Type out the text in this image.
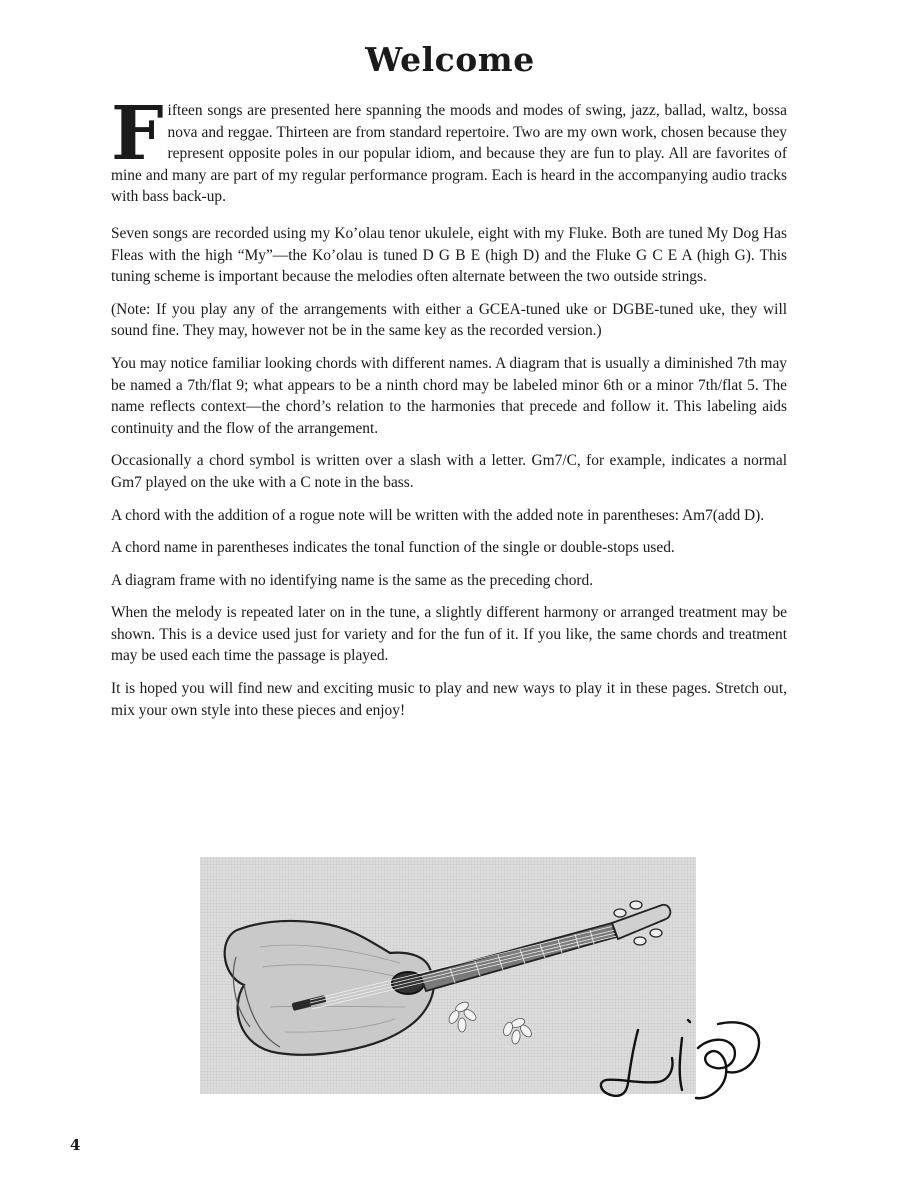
Welcome

Fifteen songs are presented here spanning the moods and modes of swing, jazz, ballad, waltz, bossa nova and reggae. Thirteen are from standard repertoire. Two are my own work, chosen because they represent opposite poles in our popular idiom, and because they are fun to play. All are favorites of mine and many are part of my regular performance program. Each is heard in the accompanying audio tracks with bass back-up.

Seven songs are recorded using my Ko’olau tenor ukulele, eight with my Fluke. Both are tuned My Dog Has Fleas with the high “My”—the Ko’olau is tuned D G B E (high D) and the Fluke G C E A (high G). This tuning scheme is important because the melodies often alternate between the two outside strings.

(Note: If you play any of the arrangements with either a GCEA-tuned uke or DGBE-tuned uke, they will sound fine. They may, however not be in the same key as the recorded version.)

You may notice familiar looking chords with different names. A diagram that is usually a diminished 7th may be named a 7th/flat 9; what appears to be a ninth chord may be labeled minor 6th or a minor 7th/flat 5. The name reflects context—the chord’s relation to the harmonies that precede and follow it. This labeling aids continuity and the flow of the arrangement.

Occasionally a chord symbol is written over a slash with a letter. Gm7/C, for example, indicates a normal Gm7 played on the uke with a C note in the bass.

A chord with the addition of a rogue note will be written with the added note in parentheses: Am7(add D).

A chord name in parentheses indicates the tonal function of the single or double-stops used.

A diagram frame with no identifying name is the same as the preceding chord.

When the melody is repeated later on in the tune, a slightly different harmony or arranged treatment may be shown. This is a device used just for variety and for the fun of it. If you like, the same chords and treatment may be used each time the passage is played.

It is hoped you will find new and exciting music to play and new ways to play it in these pages. Stretch out, mix your own style into these pieces and enjoy!

4
